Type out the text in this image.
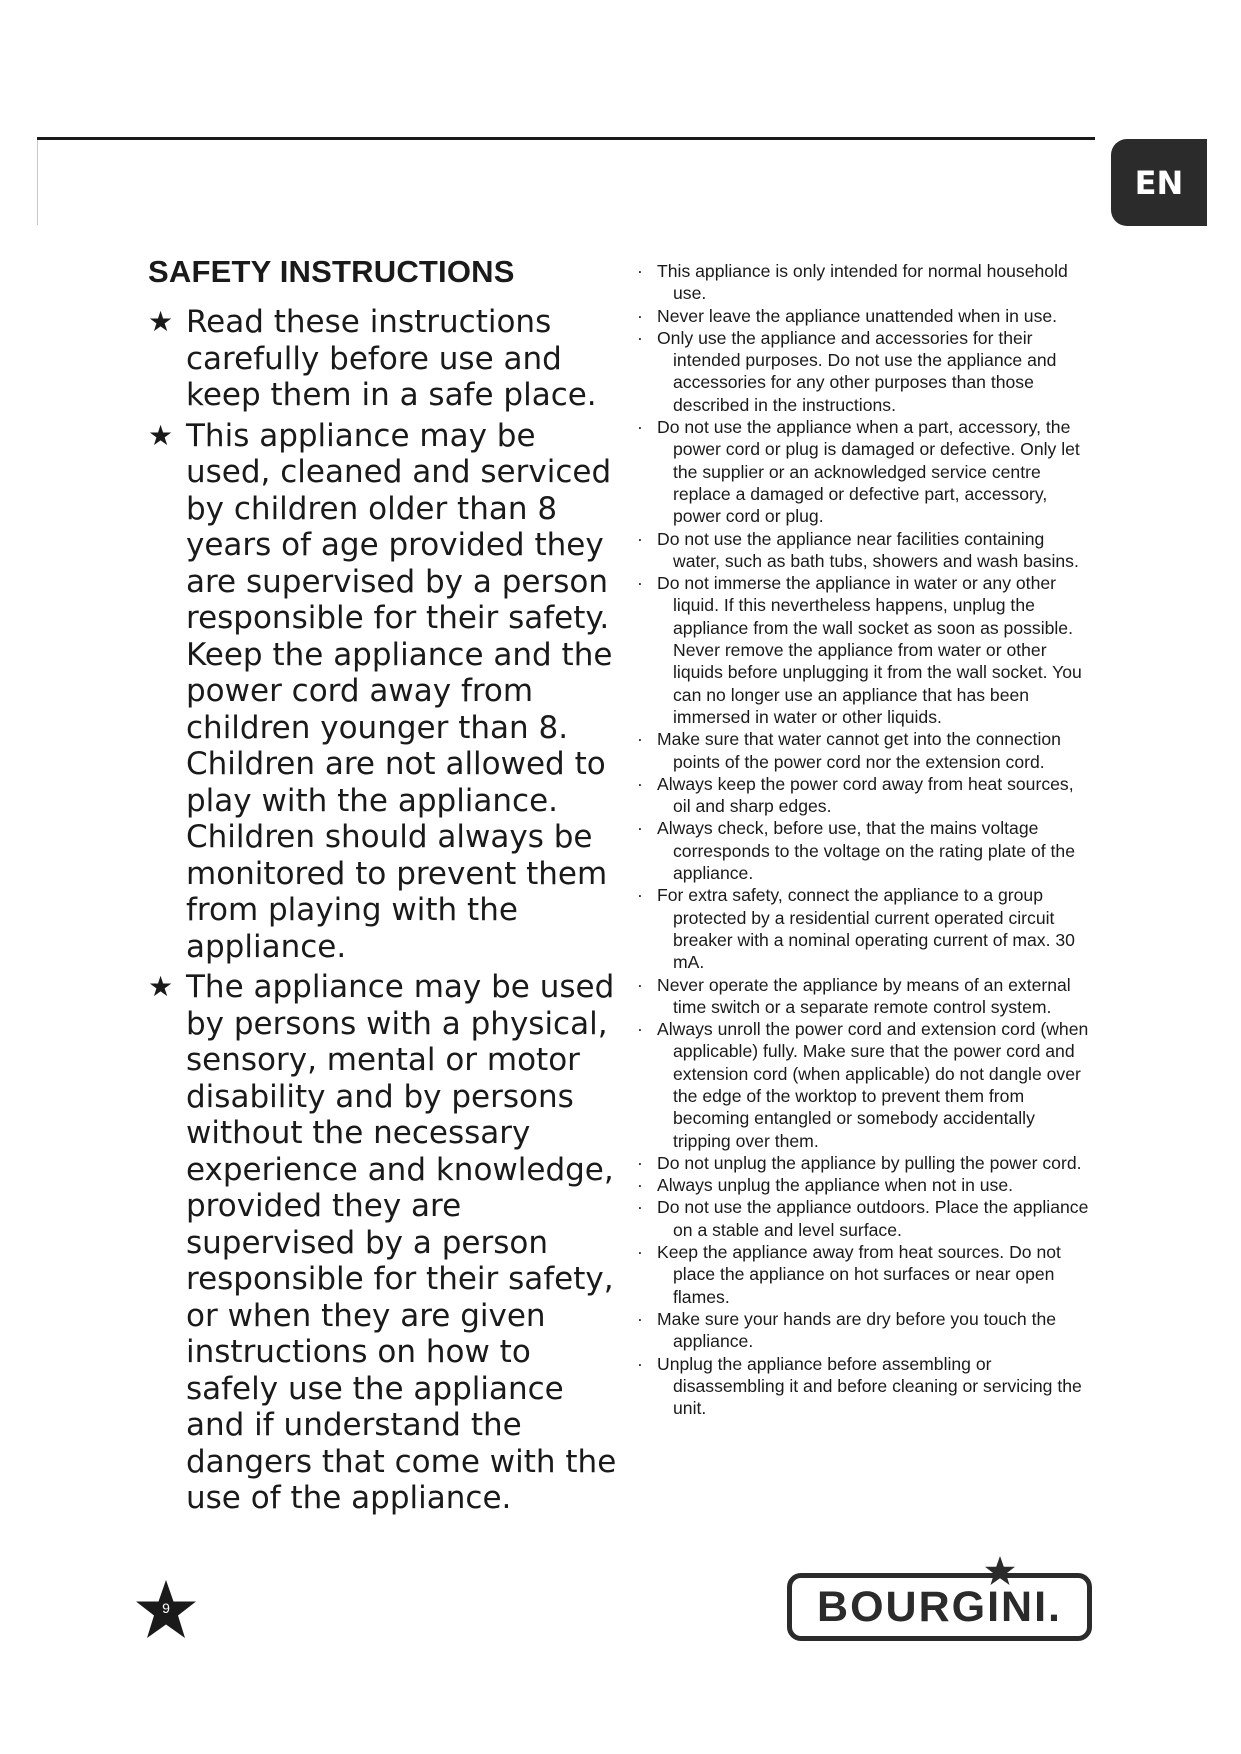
EN
SAFETY INSTRUCTIONS
★ Read these instructions carefully before use and keep them in a safe place.
★ This appliance may be used, cleaned and serviced by children older than 8 years of age provided they are supervised by a person responsible for their safety. Keep the appliance and the power cord away from children younger than 8. Children are not allowed to play with the appliance. Children should always be monitored to prevent them from playing with the appliance.
★ The appliance may be used by persons with a physical, sensory, mental or motor disability and by persons without the necessary experience and knowledge, provided they are supervised by a person responsible for their safety, or when they are given instructions on how to safely use the appliance and if understand the dangers that come with the use of the appliance.
· This appliance is only intended for normal household use.
· Never leave the appliance unattended when in use.
· Only use the appliance and accessories for their intended purposes. Do not use the appliance and accessories for any other purposes than those described in the instructions.
· Do not use the appliance when a part, accessory, the power cord or plug is damaged or defective. Only let the supplier or an acknowledged service centre replace a damaged or defective part, accessory, power cord or plug.
· Do not use the appliance near facilities containing water, such as bath tubs, showers and wash basins.
· Do not immerse the appliance in water or any other liquid. If this nevertheless happens, unplug the appliance from the wall socket as soon as possible. Never remove the appliance from water or other liquids before unplugging it from the wall socket. You can no longer use an appliance that has been immersed in water or other liquids.
· Make sure that water cannot get into the connection points of the power cord nor the extension cord.
· Always keep the power cord away from heat sources, oil and sharp edges.
· Always check, before use, that the mains voltage corresponds to the voltage on the rating plate of the appliance.
· For extra safety, connect the appliance to a group protected by a residential current operated circuit breaker with a nominal operating current of max. 30 mA.
· Never operate the appliance by means of an external time switch or a separate remote control system.
· Always unroll the power cord and extension cord (when applicable) fully. Make sure that the power cord and extension cord (when applicable) do not dangle over the edge of the worktop to prevent them from becoming entangled or somebody accidentally tripping over them.
· Do not unplug the appliance by pulling the power cord.
· Always unplug the appliance when not in use.
· Do not use the appliance outdoors. Place the appliance on a stable and level surface.
· Keep the appliance away from heat sources. Do not place the appliance on hot surfaces or near open flames.
· Make sure your hands are dry before you touch the appliance.
· Unplug the appliance before assembling or disassembling it and before cleaning or servicing the unit.
9	BOURGINI.
